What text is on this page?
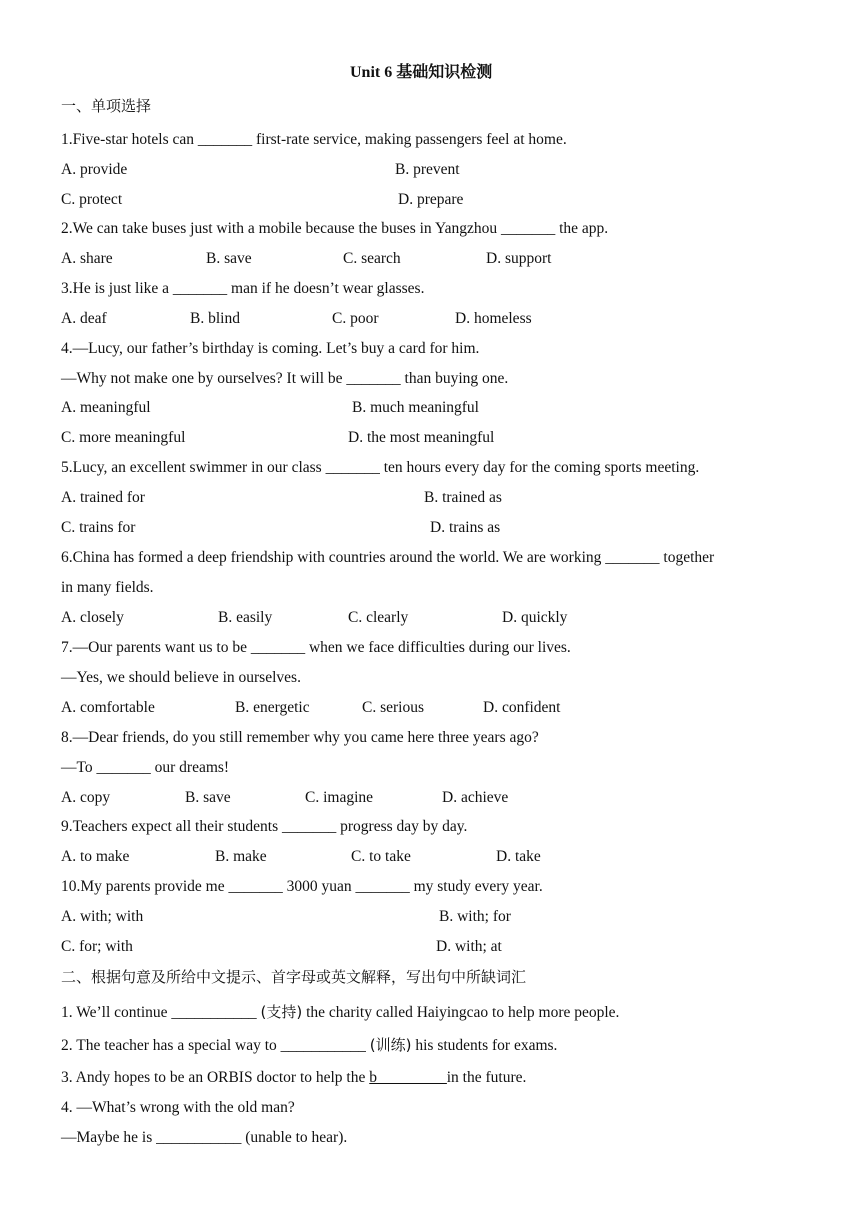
Unit 6 基础知识检测
一、单项选择
1.Five-star hotels can _______ first-rate service, making passengers feel at home.
A. provide	B. prevent
C. protect	D. prepare
2.We can take buses just with a mobile because the buses in Yangzhou _______ the app.
A. share	B. save	C. search	D. support
3.He is just like a _______ man if he doesn’t wear glasses.
A. deaf	B. blind	C. poor	D. homeless
4.—Lucy, our father’s birthday is coming. Let’s buy a card for him.
—Why not make one by ourselves? It will be _______ than buying one.
A. meaningful	B. much meaningful
C. more meaningful	D. the most meaningful
5.Lucy, an excellent swimmer in our class _______ ten hours every day for the coming sports meeting.
A. trained for	B. trained as
C. trains for	D. trains as
6.China has formed a deep friendship with countries around the world. We are working _______ together
in many fields.
A. closely	B. easily	C. clearly	D. quickly
7.—Our parents want us to be _______ when we face difficulties during our lives.
—Yes, we should believe in ourselves.
A. comfortable	B. energetic	C. serious	D. confident
8.—Dear friends, do you still remember why you came here three years ago?
—To _______ our dreams!
A. copy	B. save	C. imagine	D. achieve
9.Teachers expect all their students _______ progress day by day.
A. to make	B. make	C. to take	D. take
10.My parents provide me _______ 3000 yuan _______ my study every year.
A. with; with	B. with; for
C. for; with	D. with; at
二、根据句意及所给中文提示、首字母或英文解释，写出句中所缺词汇
1. We’ll continue ___________ (支持) the charity called Haiyingcao to help more people.
2. The teacher has a special way to ___________ (训练) his students for exams.
3. Andy hopes to be an ORBIS doctor to help the b_________in the future.
4. —What’s wrong with the old man?
—Maybe he is ___________ (unable to hear).
